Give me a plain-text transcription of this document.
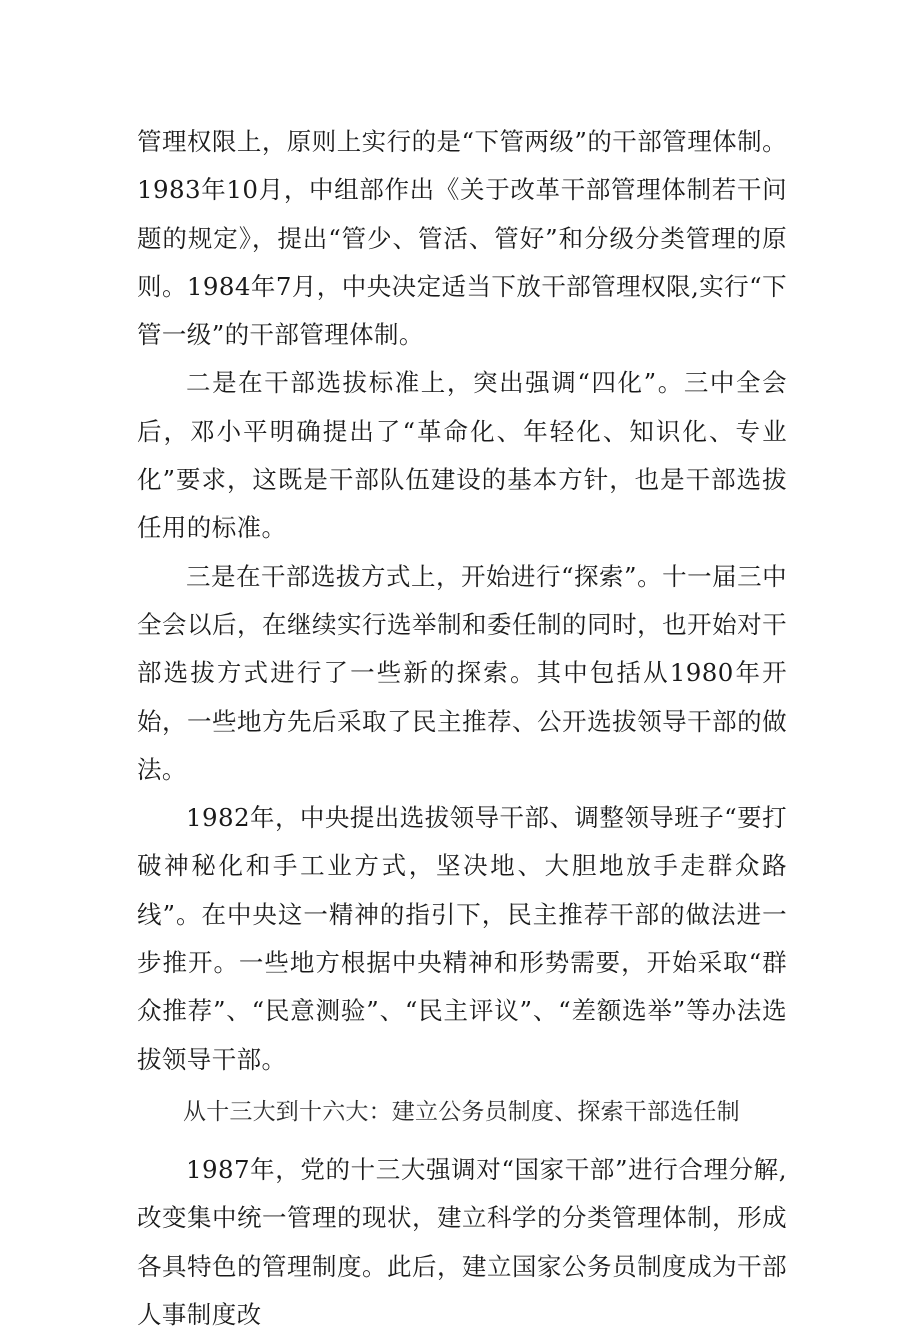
管理权限上，原则上实行的是“下管两级”的干部管理体制。1983年10月，中组部作出《关于改革干部管理体制若干问题的规定》，提出“管少、管活、管好”和分级分类管理的原则。1984年7月，中央决定适当下放干部管理权限,实行“下管一级”的干部管理体制。

二是在干部选拔标准上，突出强调“四化”。三中全会后，邓小平明确提出了“革命化、年轻化、知识化、专业化”要求，这既是干部队伍建设的基本方针，也是干部选拔任用的标准。

三是在干部选拔方式上，开始进行“探索”。十一届三中全会以后，在继续实行选举制和委任制的同时，也开始对干部选拔方式进行了一些新的探索。其中包括从1980年开始，一些地方先后采取了民主推荐、公开选拔领导干部的做法。

1982年，中央提出选拔领导干部、调整领导班子“要打破神秘化和手工业方式，坚决地、大胆地放手走群众路线”。在中央这一精神的指引下，民主推荐干部的做法进一步推开。一些地方根据中央精神和形势需要，开始采取“群众推荐”、“民意测验”、“民主评议”、“差额选举”等办法选拔领导干部。

从十三大到十六大：建立公务员制度、探索干部选任制

1987年，党的十三大强调对“国家干部”进行合理分解,改变集中统一管理的现状，建立科学的分类管理体制，形成各具特色的管理制度。此后，建立国家公务员制度成为干部人事制度改
